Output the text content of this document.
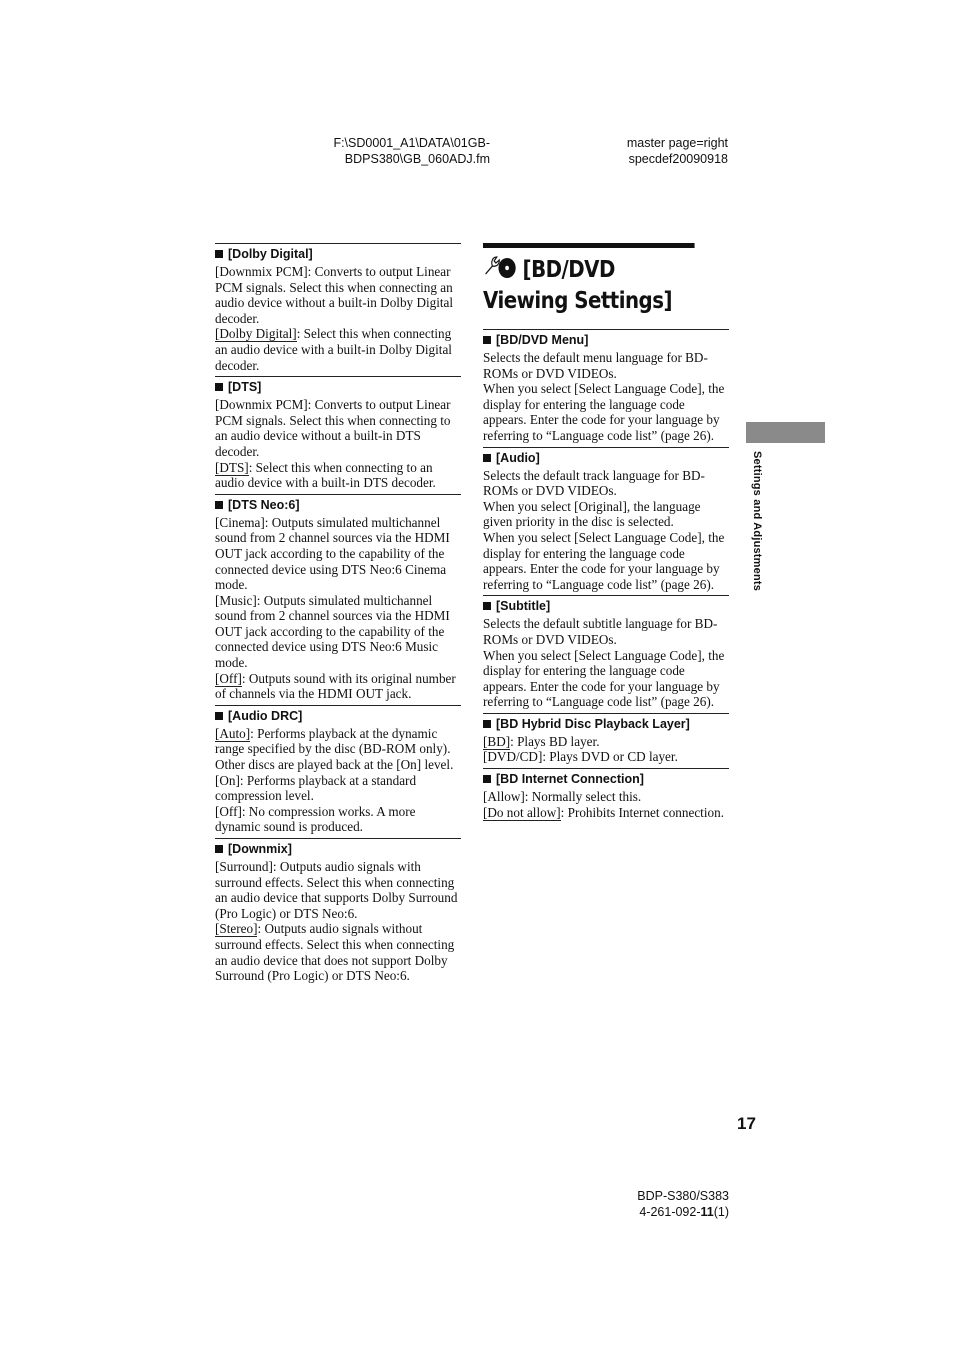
F:\SD0001_A1\DATA\01GB-
BDPS380\GB_060ADJ.fm
master page=right
specdef20090918
[Dolby Digital]

[Downmix PCM]: Converts to output Linear PCM signals. Select this when connecting an audio device without a built-in Dolby Digital decoder.

[Dolby Digital]: Select this when connecting an audio device with a built-in Dolby Digital decoder.

[DTS]

[Downmix PCM]: Converts to output Linear PCM signals. Select this when connecting to an audio device without a built-in DTS decoder.

[DTS]: Select this when connecting to an audio device with a built-in DTS decoder.

[DTS Neo:6]

[Cinema]: Outputs simulated multichannel sound from 2 channel sources via the HDMI OUT jack according to the capability of the connected device using DTS Neo:6 Cinema mode.

[Music]: Outputs simulated multichannel sound from 2 channel sources via the HDMI OUT jack according to the capability of the connected device using DTS Neo:6 Music mode.

[Off]: Outputs sound with its original number of channels via the HDMI OUT jack.

[Audio DRC]

[Auto]: Performs playback at the dynamic range specified by the disc (BD-ROM only). Other discs are played back at the [On] level.

[On]: Performs playback at a standard compression level.

[Off]: No compression works. A more dynamic sound is produced.

[Downmix]

[Surround]: Outputs audio signals with surround effects. Select this when connecting an audio device that supports Dolby Surround (Pro Logic) or DTS Neo:6.

[Stereo]: Outputs audio signals without surround effects. Select this when connecting an audio device that does not support Dolby Surround (Pro Logic) or DTS Neo:6.

[BD/DVD Viewing Settings]
[BD/DVD Menu]

Selects the default menu language for BD-ROMs or DVD VIDEOs.

When you select [Select Language Code], the display for entering the language code appears. Enter the code for your language by referring to “Language code list” (page 26).

[Audio]

Selects the default track language for BD-ROMs or DVD VIDEOs.

When you select [Original], the language given priority in the disc is selected.

When you select [Select Language Code], the display for entering the language code appears. Enter the code for your language by referring to “Language code list” (page 26).

[Subtitle]

Selects the default subtitle language for BD-ROMs or DVD VIDEOs.

When you select [Select Language Code], the display for entering the language code appears. Enter the code for your language by referring to “Language code list” (page 26).

[BD Hybrid Disc Playback Layer]

[BD]: Plays BD layer.

[DVD/CD]: Plays DVD or CD layer.

[BD Internet Connection]

[Allow]: Normally select this.

[Do not allow]: Prohibits Internet connection.

Settings and Adjustments
17
BDP-S380/S383
4-261-092-11(1)
